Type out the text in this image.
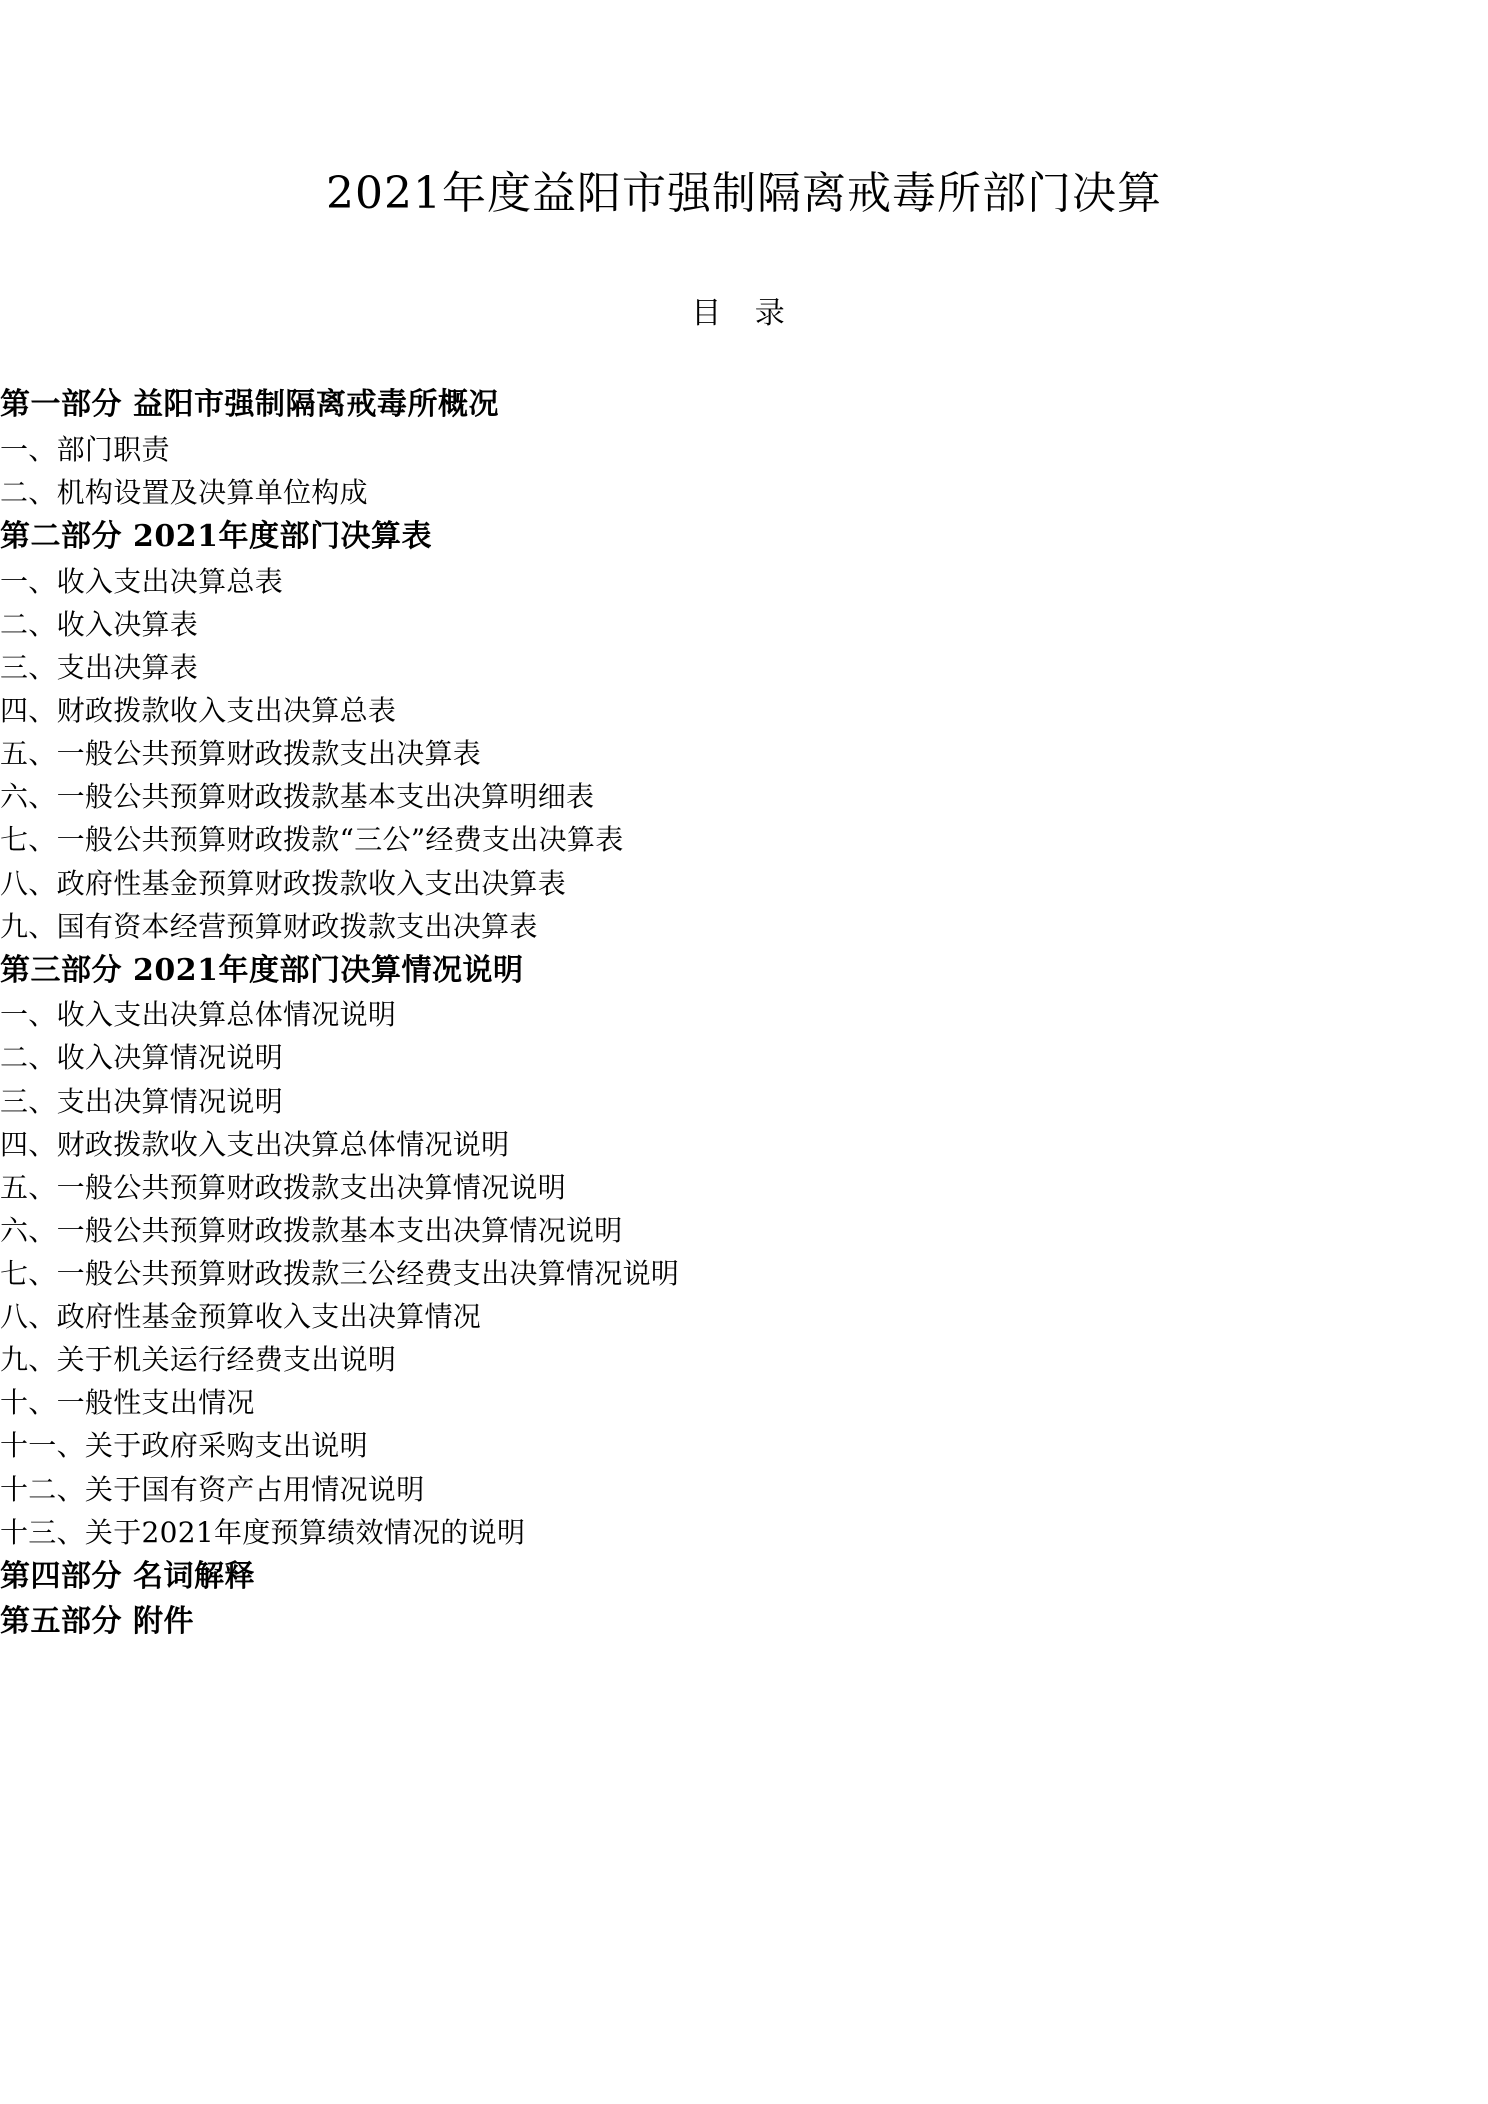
2021年度益阳市强制隔离戒毒所部门决算
目 录
第一部分 益阳市强制隔离戒毒所概况
一、部门职责
二、机构设置及决算单位构成
第二部分 2021年度部门决算表
一、收入支出决算总表
二、收入决算表
三、支出决算表
四、财政拨款收入支出决算总表
五、一般公共预算财政拨款支出决算表
六、一般公共预算财政拨款基本支出决算明细表
七、一般公共预算财政拨款“三公”经费支出决算表
八、政府性基金预算财政拨款收入支出决算表
九、国有资本经营预算财政拨款支出决算表
第三部分 2021年度部门决算情况说明
一、收入支出决算总体情况说明
二、收入决算情况说明
三、支出决算情况说明
四、财政拨款收入支出决算总体情况说明
五、一般公共预算财政拨款支出决算情况说明
六、一般公共预算财政拨款基本支出决算情况说明
七、一般公共预算财政拨款三公经费支出决算情况说明
八、政府性基金预算收入支出决算情况
九、关于机关运行经费支出说明
十、一般性支出情况
十一、关于政府采购支出说明
十二、关于国有资产占用情况说明
十三、关于2021年度预算绩效情况的说明
第四部分 名词解释
第五部分 附件
